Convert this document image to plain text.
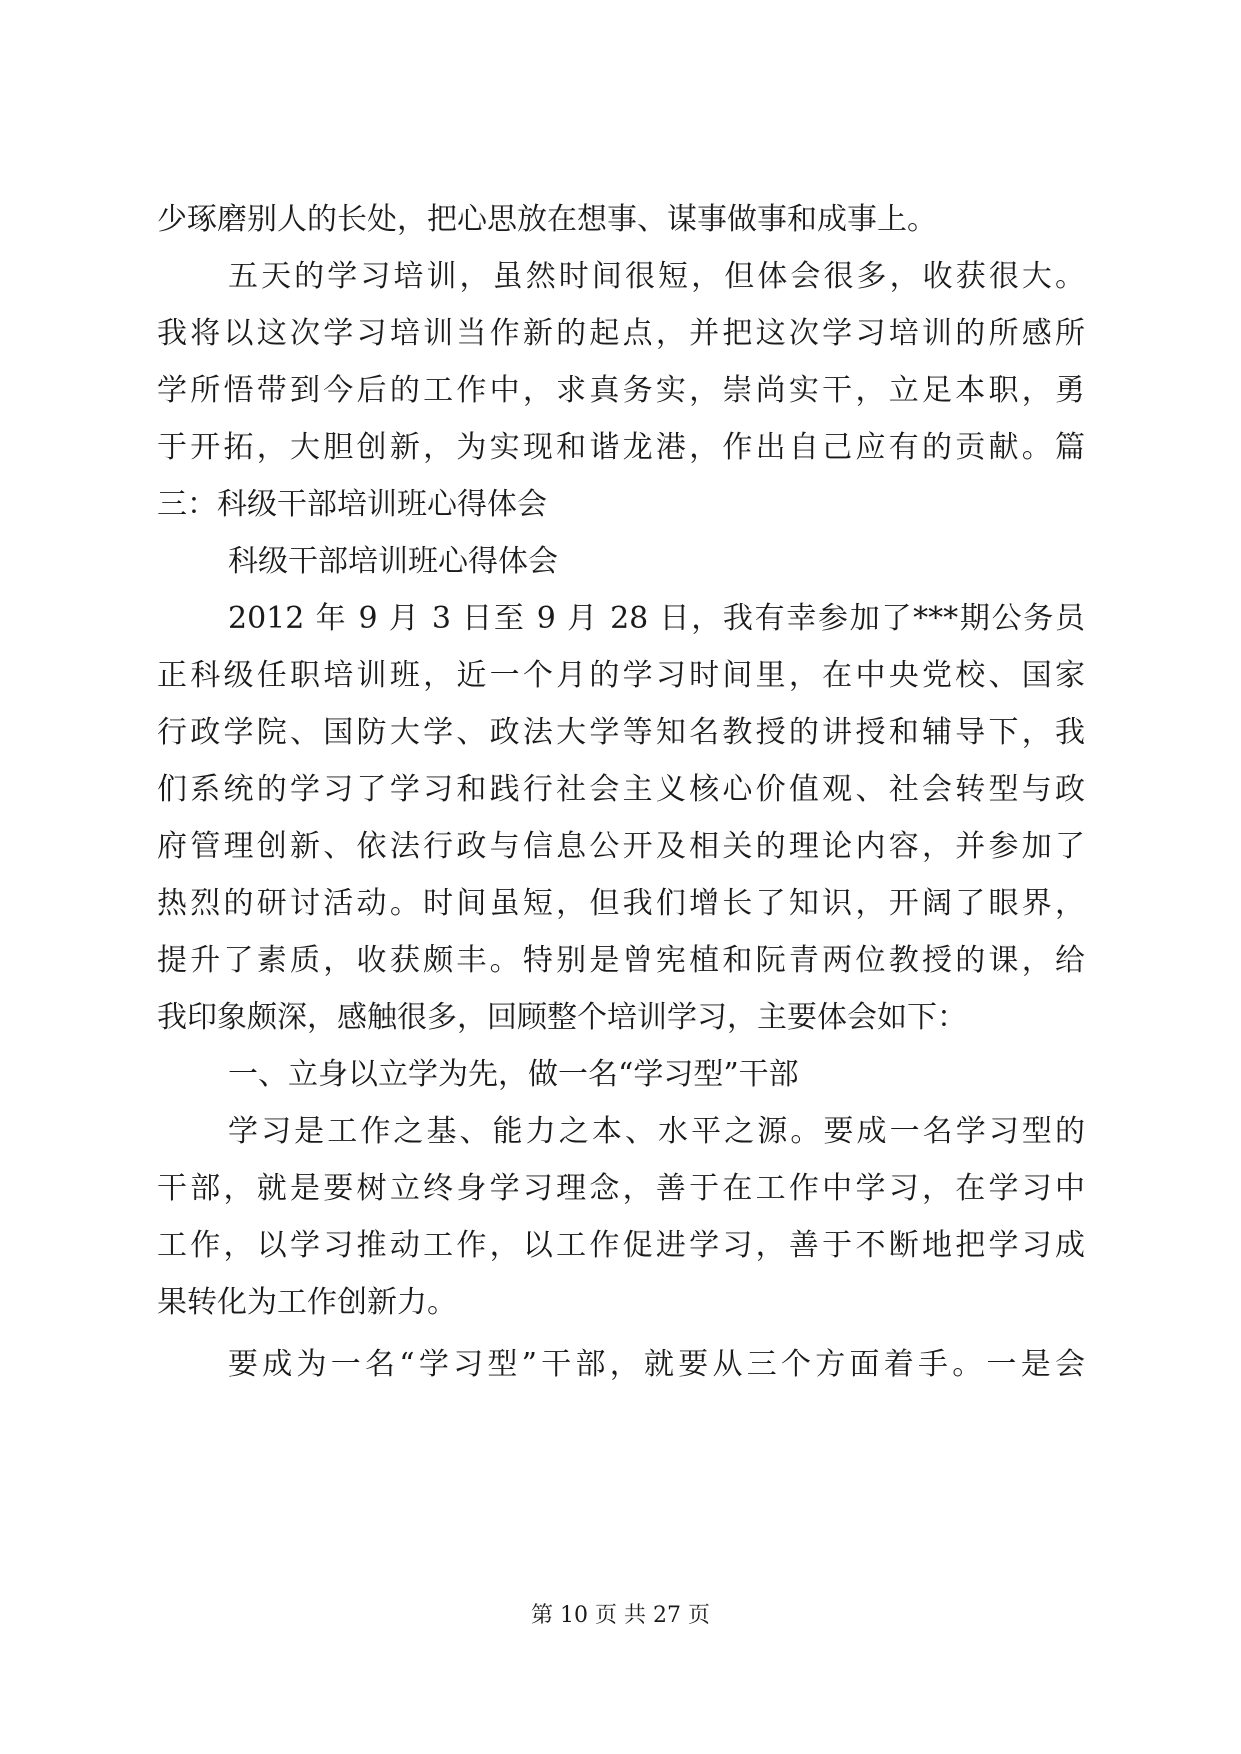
少琢磨别人的长处，把心思放在想事、谋事做事和成事上。
五天的学习培训，虽然时间很短，但体会很多，收获很大。
我将以这次学习培训当作新的起点，并把这次学习培训的所感所
学所悟带到今后的工作中，求真务实，崇尚实干，立足本职，勇
于开拓，大胆创新，为实现和谐龙港，作出自己应有的贡献。篇
三：科级干部培训班心得体会
科级干部培训班心得体会
2012 年 9 月 3 日至 9 月 28 日，我有幸参加了***期公务员
正科级任职培训班，近一个月的学习时间里，在中央党校、国家
行政学院、国防大学、政法大学等知名教授的讲授和辅导下，我
们系统的学习了学习和践行社会主义核心价值观、社会转型与政
府管理创新、依法行政与信息公开及相关的理论内容，并参加了
热烈的研讨活动。时间虽短，但我们增长了知识，开阔了眼界，
提升了素质，收获颇丰。特别是曾宪植和阮青两位教授的课，给
我印象颇深，感触很多，回顾整个培训学习，主要体会如下：
一、立身以立学为先，做一名“学习型”干部
学习是工作之基、能力之本、水平之源。要成一名学习型的
干部，就是要树立终身学习理念，善于在工作中学习，在学习中
工作，以学习推动工作，以工作促进学习，善于不断地把学习成
果转化为工作创新力。
要成为一名“学习型”干部，就要从三个方面着手。一是会
第 10 页 共 27 页
